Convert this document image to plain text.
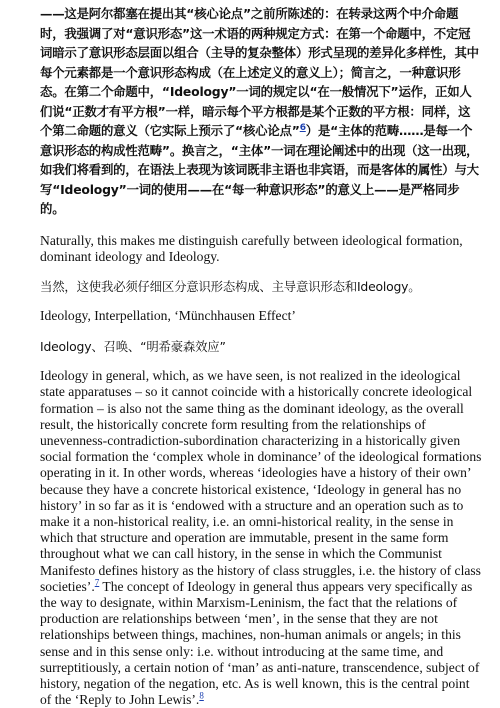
——这是阿尔都塞在提出其“核心论点”之前所陈述的：在转录这两个中介命题时，我强调了对“意识形态”这一术语的两种规定方式：在第一个命题中，不定冠词暗示了意识形态层面以组合（主导的复杂整体）形式呈现的差异化多样性，其中每个元素都是一个意识形态构成（在上述定义的意义上）；简言之，一种意识形态。在第二个命题中，“Ideology”一词的规定以“在一般情况下”运作，正如人们说“正数才有平方根”一样，暗示每个平方根都是某个正数的平方根：同样，这个第二命题的意义（它实际上预示了“核心论点”$^6$）是“主体的范畴……是每一个意识形态的构成性范畴”。换言之，“主体”一词在理论阐述中的出现（这一出现，如我们将看到的，在语法上表现为该词既非主语也非宾语，而是客体的属性）与大写“Ideology”一词的使用——在“每一种意识形态”的意义上——是严格同步的。

Naturally, this makes me distinguish carefully between ideological formation, dominant ideology and Ideology.

当然，这使我必须仔细区分意识形态构成、主导意识形态和Ideology。

Ideology, Interpellation, ‘Münchhausen Effect’

Ideology、召唤、“明希豪森效应”

Ideology in general, which, as we have seen, is not realized in the ideological state apparatuses – so it cannot coincide with a historically concrete ideological formation – is also not the same thing as the dominant ideology, as the overall result, the historically concrete form resulting from the relationships of unevenness-contradiction-subordination characterizing in a historically given social formation the ‘complex whole in dominance’ of the ideological formations operating in it. In other words, whereas ‘ideologies have a history of their own’ because they have a concrete historical existence, ‘Ideology in general has no history’ in so far as it is ‘endowed with a structure and an operation such as to make it a non-historical reality, i.e. an omni-historical reality, in the sense in which that structure and operation are immutable, present in the same form throughout what we can call history, in the sense in which the Communist Manifesto defines history as the history of class struggles, i.e. the history of class societies’.$^7$ The concept of Ideology in general thus appears very specifically as the way to designate, within Marxism-Leninism, the fact that the relations of production are relationships between ‘men’, in the sense that they are not relationships between things, machines, non-human animals or angels; in this sense and in this sense only: i.e. without introducing at the same time, and surreptitiously, a certain notion of ‘man’ as anti-nature, transcendence, subject of history, negation of the negation, etc. As is well known, this is the central point of the ‘Reply to John Lewis’.$^8$
